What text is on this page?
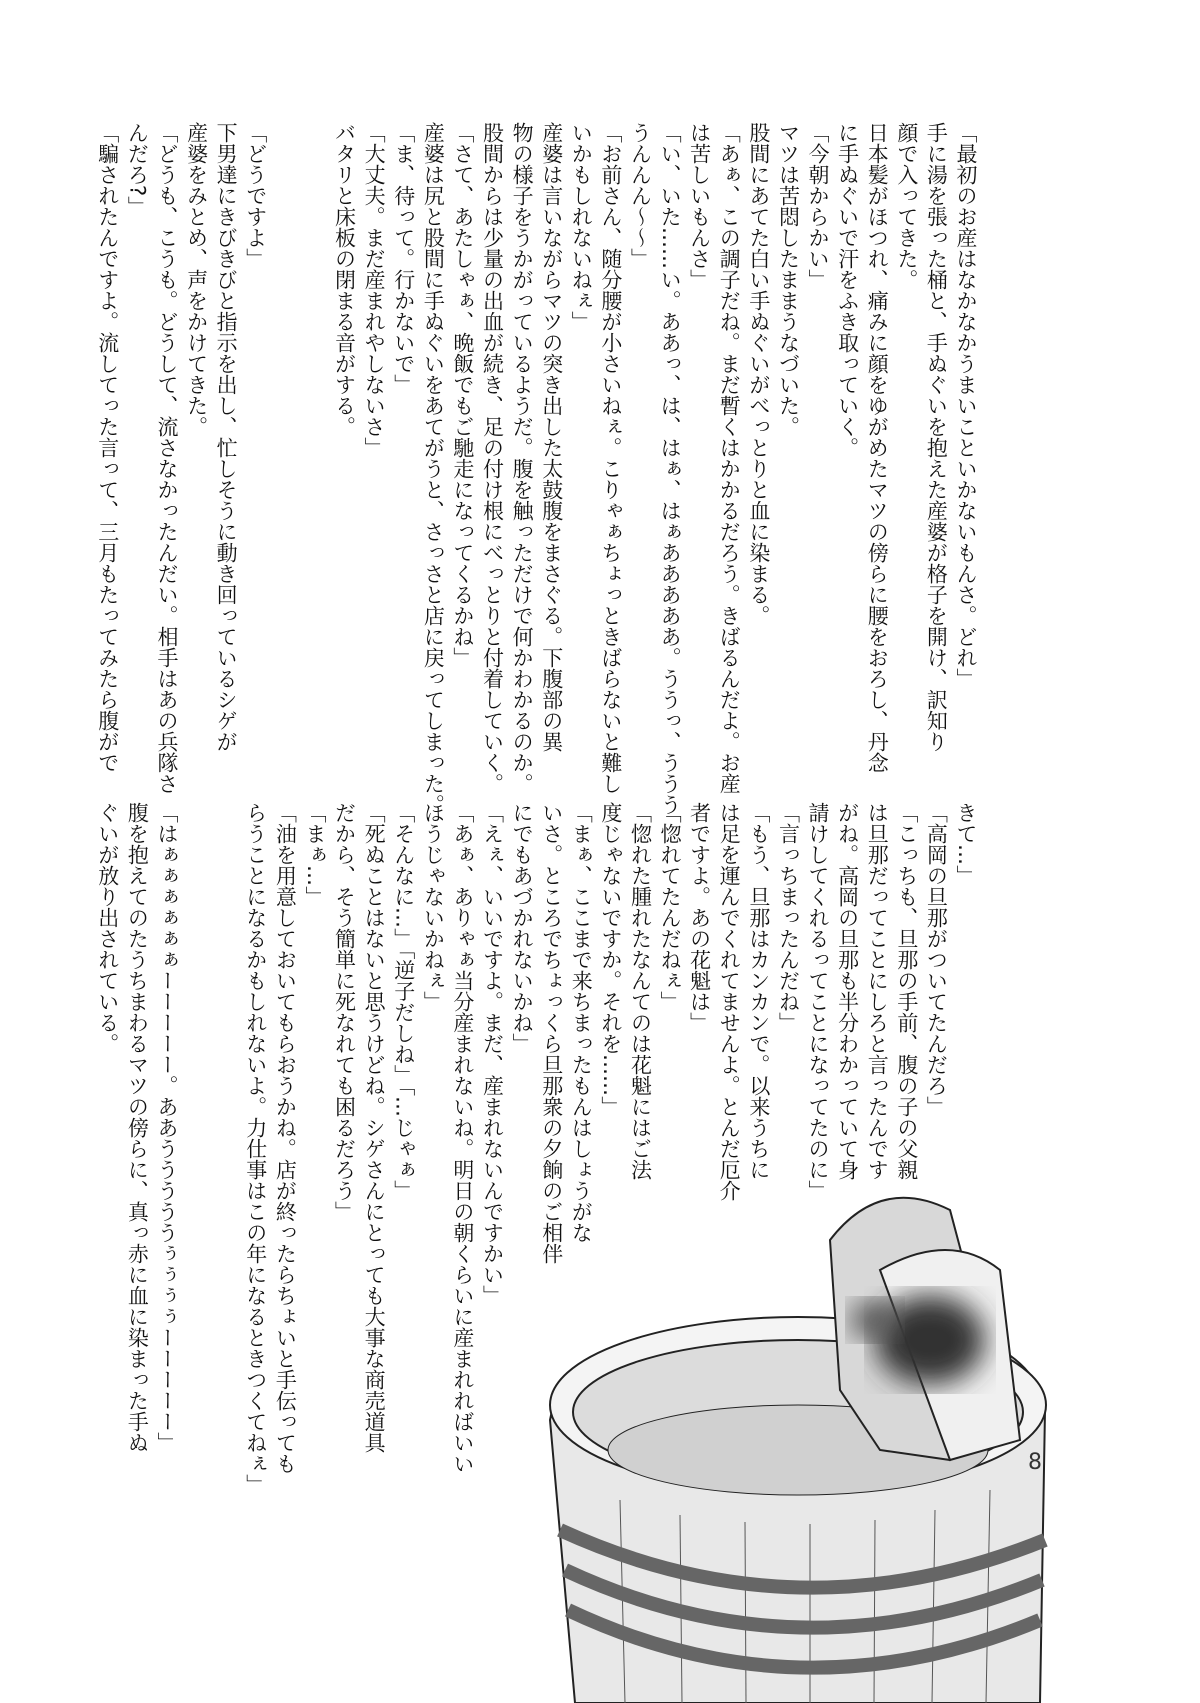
「最初のお産はなかなかうまいこといかないもんさ。どれ」
手に湯を張った桶と、手ぬぐいを抱えた産婆が格子を開け、訳知り
顔で入ってきた。
日本髪がほつれ、痛みに顔をゆがめたマツの傍らに腰をおろし、丹念
に手ぬぐいで汗をふき取っていく。
「今朝からかい」
マツは苦悶したままうなづいた。
股間にあてた白い手ぬぐいがべっとりと血に染まる。
「あぁ、この調子だね。まだ暫くはかかるだろう。きばるんだよ。お産
は苦しいもんさ」
「い、いた……い。ああっ、は、はぁ、はぁあああああ。ううっ、ううう
うんんん〜〜」
「お前さん、随分腰が小さいねぇ。こりゃぁちょっときばらないと難し
いかもしれないねぇ」
産婆は言いながらマツの突き出した太鼓腹をまさぐる。下腹部の異
物の様子をうかがっているようだ。腹を触っただけで何かわかるのか。
股間からは少量の出血が続き、足の付け根にべっとりと付着していく。
「さて、あたしゃぁ、晩飯でもご馳走になってくるかね」
産婆は尻と股間に手ぬぐいをあてがうと、さっさと店に戻ってしまった。
「ま、待って。行かないで」
「大丈夫。まだ産まれやしないさ」
バタリと床板の閉まる音がする。
「どうですよ」
下男達にきびきびと指示を出し、忙しそうに動き回っているシゲが
産婆をみとめ、声をかけてきた。
「どうも、こうも。どうして、流さなかったんだい。相手はあの兵隊さ
んだろ?」
「騙されたんですよ。流してった言って、三月もたってみたら腹がで
きて…」
「高岡の旦那がついてたんだろ」
「こっちも、旦那の手前、腹の子の父親
は旦那だってことにしろと言ったんです
がね。高岡の旦那も半分わかっていて身
請けしてくれるってことになってたのに」
「言っちまったんだね」
「もう、旦那はカンカンで。以来うちに
は足を運んでくれてませんよ。とんだ厄介
者ですよ。あの花魁は」
「惚れてたんだねぇ」
「惚れた腫れたなんてのは花魁にはご法
度じゃないですか。それを……」
「まぁ、ここまで来ちまったもんはしょうがな
いさ。ところでちょっくら旦那衆の夕餉のご相伴
にでもあづかれないかね」
「えぇ、いいですよ。まだ、産まれないんですかい」
「あぁ、ありゃぁ当分産まれないね。明日の朝くらいに産まれればいい
ほうじゃないかねぇ」
「そんなに…」「逆子だしね」「…じゃぁ」
「死ぬことはないと思うけどね。シゲさんにとっても大事な商売道具
だから、そう簡単に死なれても困るだろう」
「まぁ…」
「油を用意しておいてもらおうかね。店が終ったらちょいと手伝っても
らうことになるかもしれないよ。力仕事はこの年になるときつくてねぇ」
「はぁぁぁぁぁぁーーーーー。ああうううううぅぅぅぅーーーーー」
腹を抱えてのたうちまわるマツの傍らに、真っ赤に血に染まった手ぬ
ぐいが放り出されている。
8
